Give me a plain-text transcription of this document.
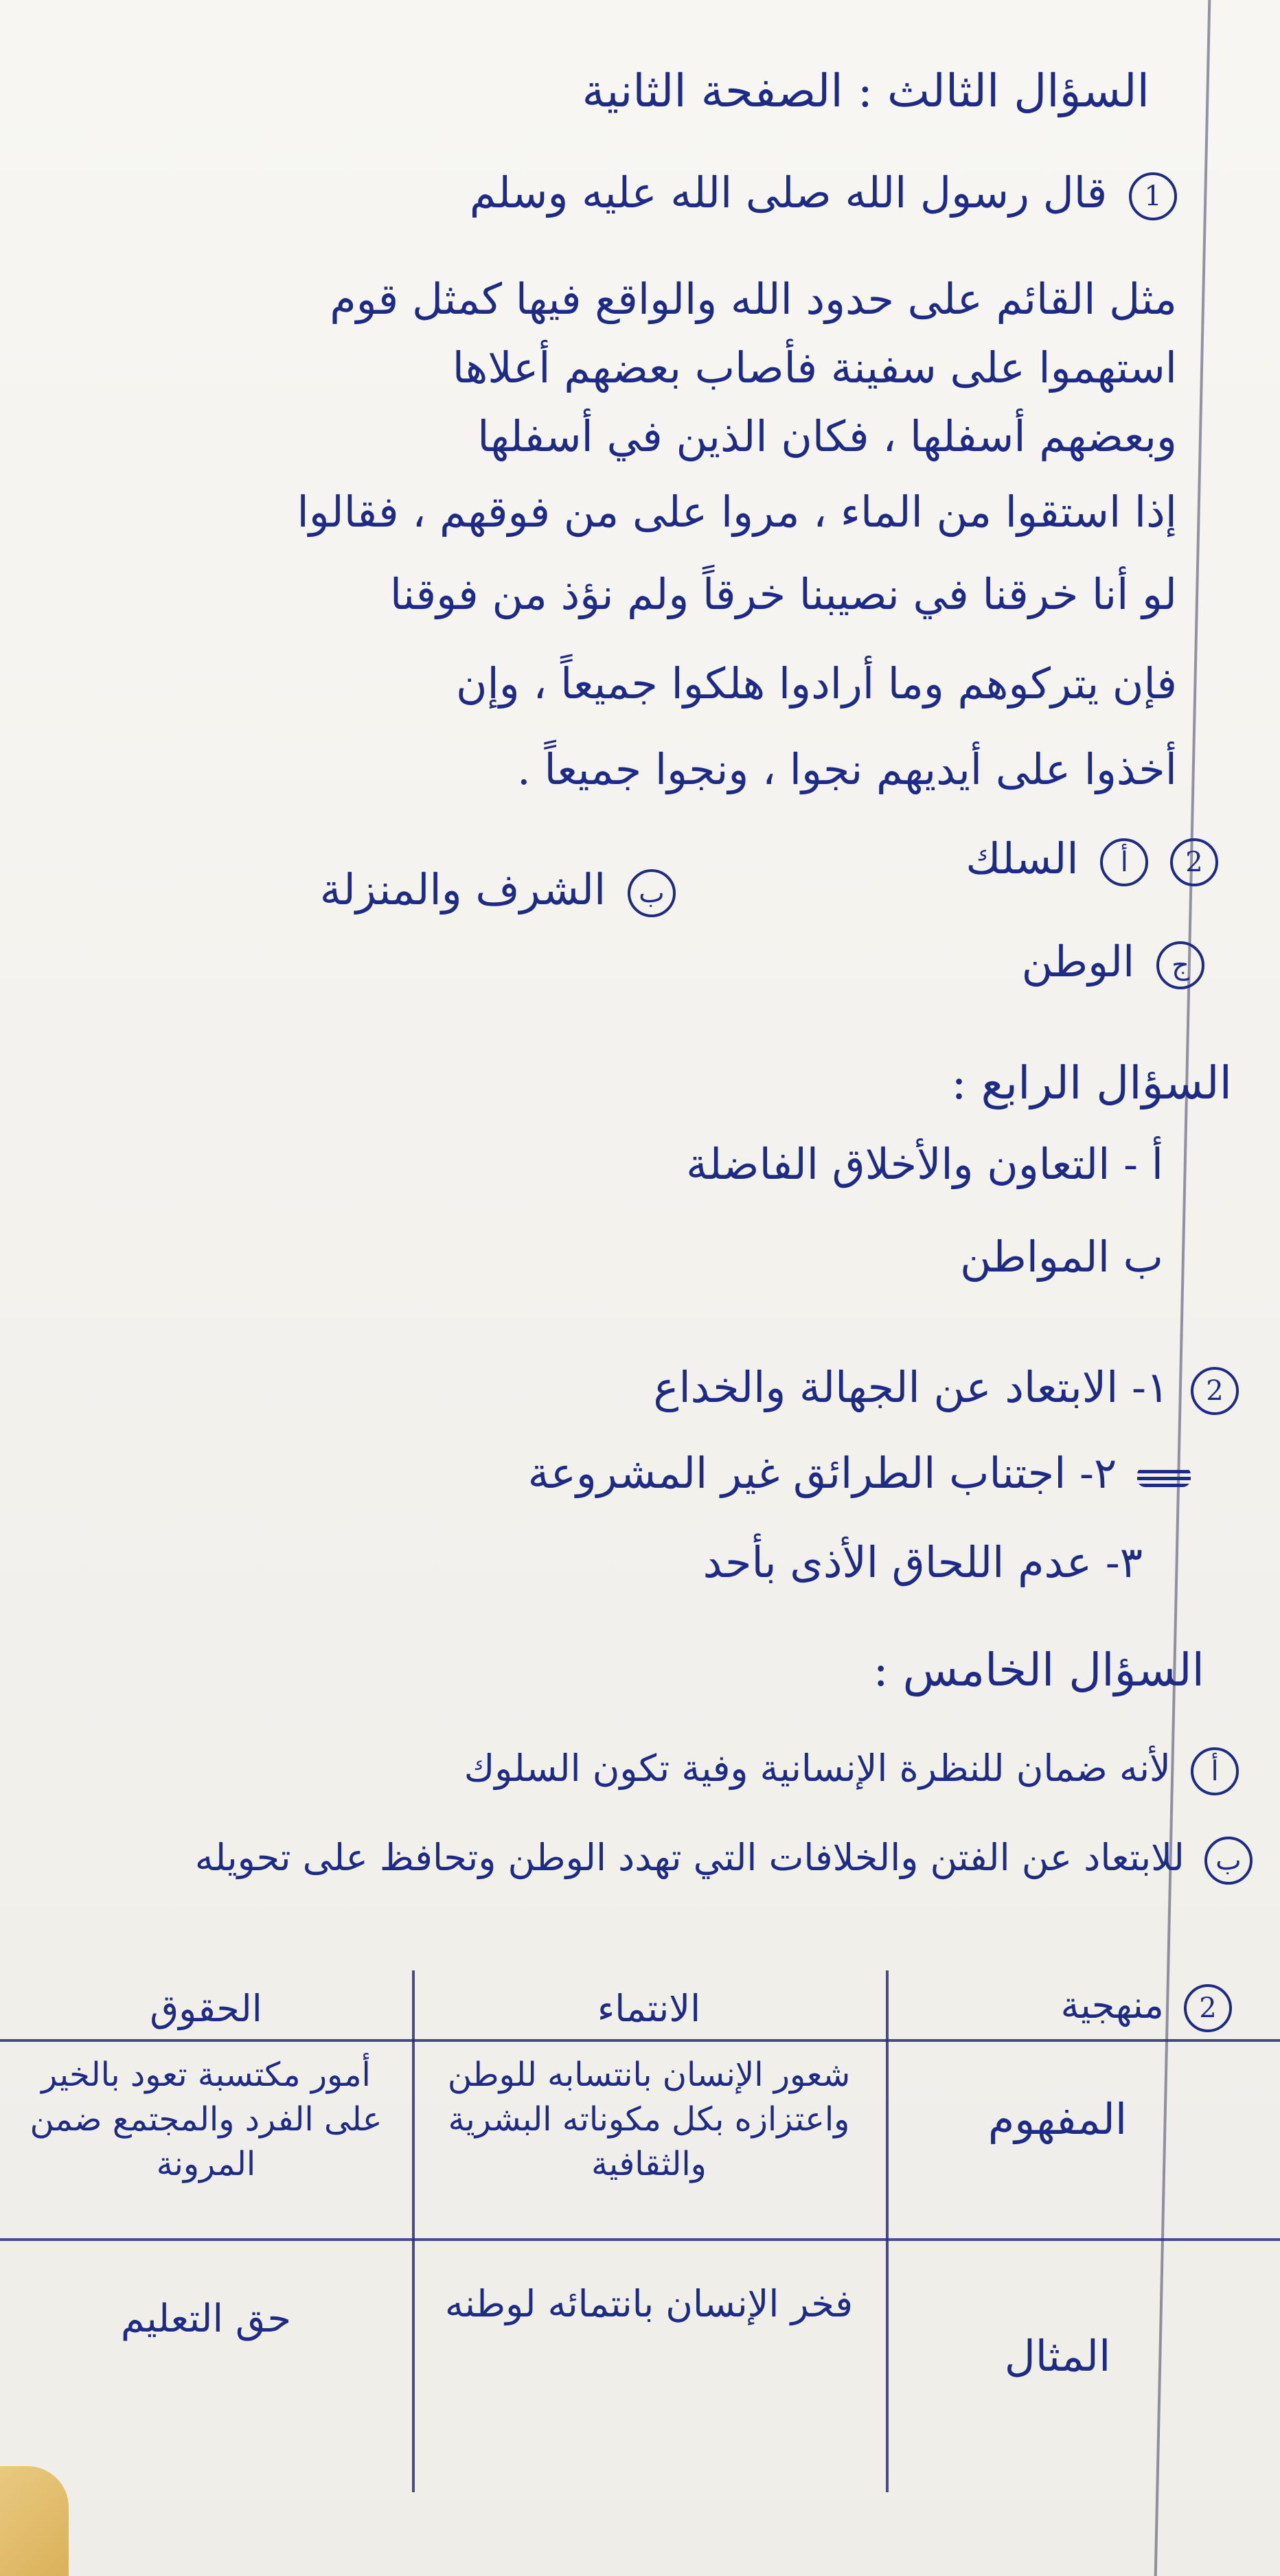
السؤال الثالث : الصفحة الثانية
1 قال رسول الله صلى الله عليه وسلم
مثل القائم على حدود الله والواقع فيها كمثل قوم
استهموا على سفينة فأصاب بعضهم أعلاها
وبعضهم أسفلها ، فكان الذين في أسفلها
إذا استقوا من الماء ، مروا على من فوقهم ، فقالوا
لو أنا خرقنا في نصيبنا خرقاً ولم نؤذ من فوقنا
فإن يتركوهم وما أرادوا هلكوا جميعاً ، وإن
أخذوا على أيديهم نجوا ، ونجوا جميعاً .
2 أ السلك
ب الشرف والمنزلة
ج الوطن
السؤال الرابع :
أ - التعاون والأخلاق الفاضلة
ب المواطن
2 ١- الابتعاد عن الجهالة والخداع
٢- اجتناب الطرائق غير المشروعة
٣- عدم اللحاق الأذى بأحد
السؤال الخامس :
أ لأنه ضمان للنظرة الإنسانية وفية تكون السلوك
ب للابتعاد عن الفتن والخلافات التي تهدد الوطن وتحافظ على تحويله
2 منهجية
الانتماء
الحقوق
المفهوم
شعور الإنسان بانتسابه للوطن واعتزازه بكل مكوناته البشرية والثقافية
أمور مكتسبة تعود بالخير على الفرد والمجتمع ضمن المرونة
المثال
فخر الإنسان بانتمائه لوطنه
حق التعليم
